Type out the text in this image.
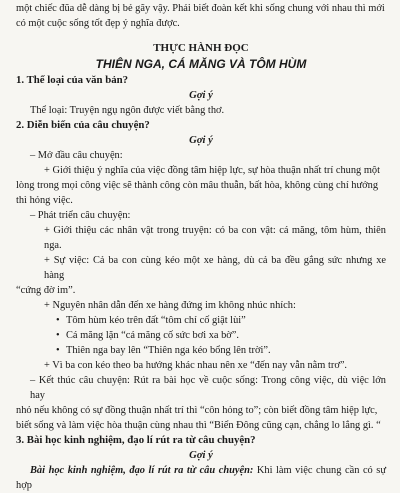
một chiếc đũa dễ dàng bị bẻ gãy vậy. Phải biết đoàn kết khi sống chung với nhau thì mới

có một cuộc sống tốt đẹp ý nghĩa được.

THỰC HÀNH ĐỌC

THIÊN NGA, CÁ MĂNG VÀ TÔM HÙM

1. Thể loại của văn bản?

Gợi ý

Thể loại: Truyện ngụ ngôn được viết bằng thơ.

2. Diễn biến của câu chuyện?

Gợi ý

– Mở đầu câu chuyện:

+ Giới thiệu ý nghĩa của việc đồng tâm hiệp lực, sự hòa thuận nhất trí chung một

lòng trong mọi công việc sẽ thành công còn mâu thuẫn, bất hòa, không cùng chí hướng

thì hỏng việc.

– Phát triển câu chuyện:

+ Giới thiệu các nhân vật trong truyện: có ba con vật: cá măng, tôm hùm, thiên nga.

+ Sự việc: Cả ba con cùng kéo một xe hàng, dù cả ba đều gắng sức nhưng xe hàng

“cứng đờ im”.

+ Nguyên nhân dẫn đến xe hàng đứng im không nhúc nhích:

• Tôm hùm kéo trên đất “tôm chỉ cố giật lùi”

• Cá măng lặn “cá măng cố sức bơi xa bờ”.

• Thiên nga bay lên “Thiên nga kéo bổng lên trời”.

+ Vì ba con kéo theo ba hướng khác nhau nên xe “đến nay vẫn nằm trơ”.

– Kết thúc câu chuyện: Rút ra bài học về cuộc sống: Trong công việc, dù việc lớn hay

nhỏ nếu không có sự đồng thuận nhất trí thì “côn hỏng to”; còn biết đồng tâm hiệp lực,

biết sống và làm việc hòa thuận cùng nhau thì “Biển Đông cũng cạn, chẳng lo lắng gì. “

3. Bài học kinh nghiệm, đạo lí rút ra từ câu chuyện?

Gợi ý

Bài học kinh nghiệm, đạo lí rút ra từ câu chuyện: Khi làm việc chung cần có sự hợp
